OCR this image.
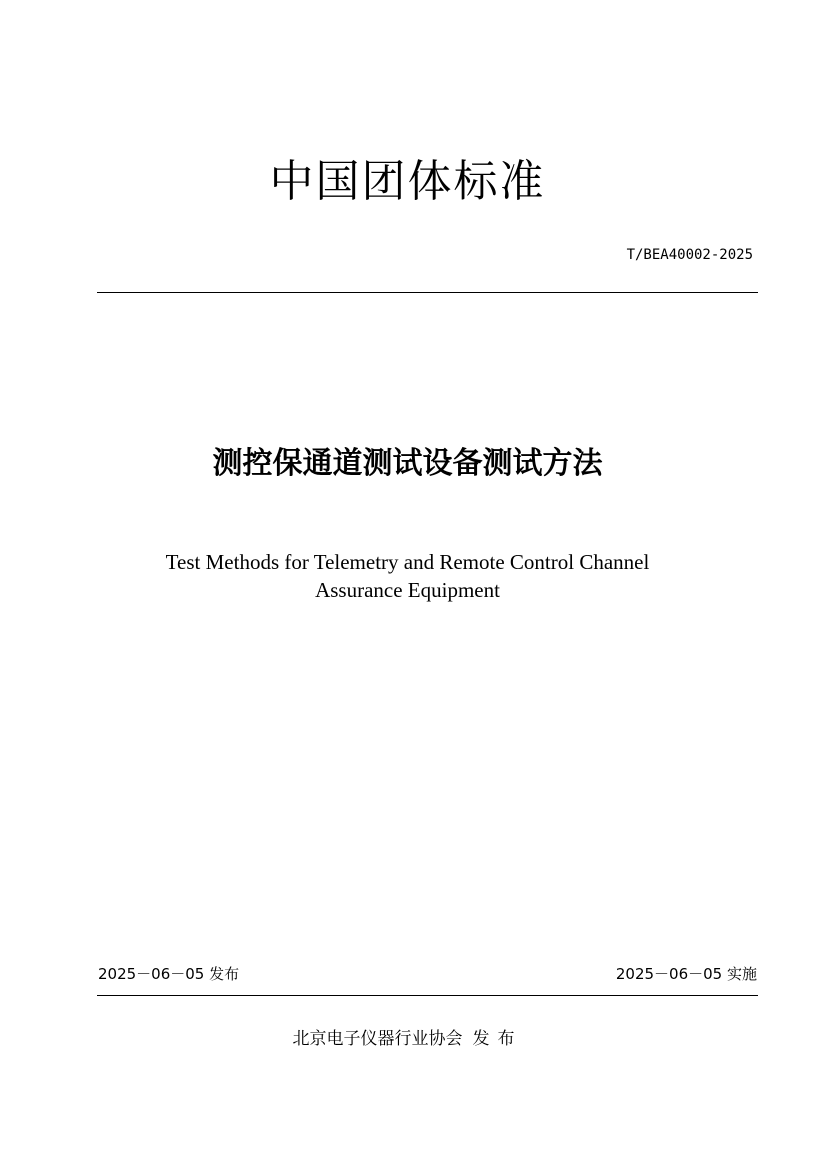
中国团体标准
T/BEA40002-2025
测控保通道测试设备测试方法
Test Methods for Telemetry and Remote Control Channel
Assurance Equipment
2025－06－05 发布	2025－06－05 实施
北京电子仪器行业协会 发布
